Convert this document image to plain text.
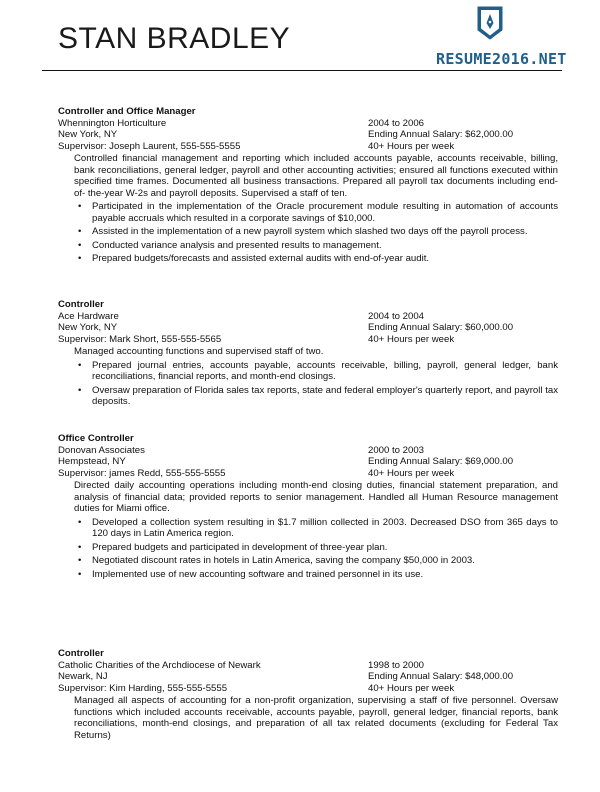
STAN BRADLEY
RESUME2016.NET
Controller and Office Manager
Whennington Horticulture	2004 to 2006
New York, NY	Ending Annual Salary: $62,000.00
Supervisor: Joseph Laurent, 555-555-5555	40+ Hours per week
Controlled financial management and reporting which included accounts payable, accounts receivable, billing, bank reconciliations, general ledger, payroll and other accounting activities; ensured all functions executed within specified time frames. Documented all business transactions. Prepared all payroll tax documents including end-of- the-year W-2s and payroll deposits. Supervised a staff of ten.
• Participated in the implementation of the Oracle procurement module resulting in automation of accounts payable accruals which resulted in a corporate savings of $10,000.
• Assisted in the implementation of a new payroll system which slashed two days off the payroll process.
• Conducted variance analysis and presented results to management.
• Prepared budgets/forecasts and assisted external audits with end-of-year audit.
Controller
Ace Hardware	2004 to 2004
New York, NY	Ending Annual Salary: $60,000.00
Supervisor: Mark Short, 555-555-5565	40+ Hours per week
Managed accounting functions and supervised staff of two.
• Prepared journal entries, accounts payable, accounts receivable, billing, payroll, general ledger, bank reconciliations, financial reports, and month-end closings.
• Oversaw preparation of Florida sales tax reports, state and federal employer's quarterly report, and payroll tax deposits.
Office Controller
Donovan Associates	2000 to 2003
Hempstead, NY	Ending Annual Salary: $69,000.00
Supervisor: james Redd, 555-555-5555	40+ Hours per week
Directed daily accounting operations including month-end closing duties, financial statement preparation, and analysis of financial data; provided reports to senior management. Handled all Human Resource management duties for Miami office.
• Developed a collection system resulting in $1.7 million collected in 2003. Decreased DSO from 365 days to 120 days in Latin America region.
• Prepared budgets and participated in development of three-year plan.
• Negotiated discount rates in hotels in Latin America, saving the company $50,000 in 2003.
• Implemented use of new accounting software and trained personnel in its use.
Controller
Catholic Charities of the Archdiocese of Newark	1998 to 2000
Newark, NJ	Ending Annual Salary: $48,000.00
Supervisor: Kim Harding, 555-555-5555	40+ Hours per week
Managed all aspects of accounting for a non-profit organization, supervising a staff of five personnel. Oversaw functions which included accounts receivable, accounts payable, payroll, general ledger, financial reports, bank reconciliations, month-end closings, and preparation of all tax related documents (excluding for Federal Tax Returns)
